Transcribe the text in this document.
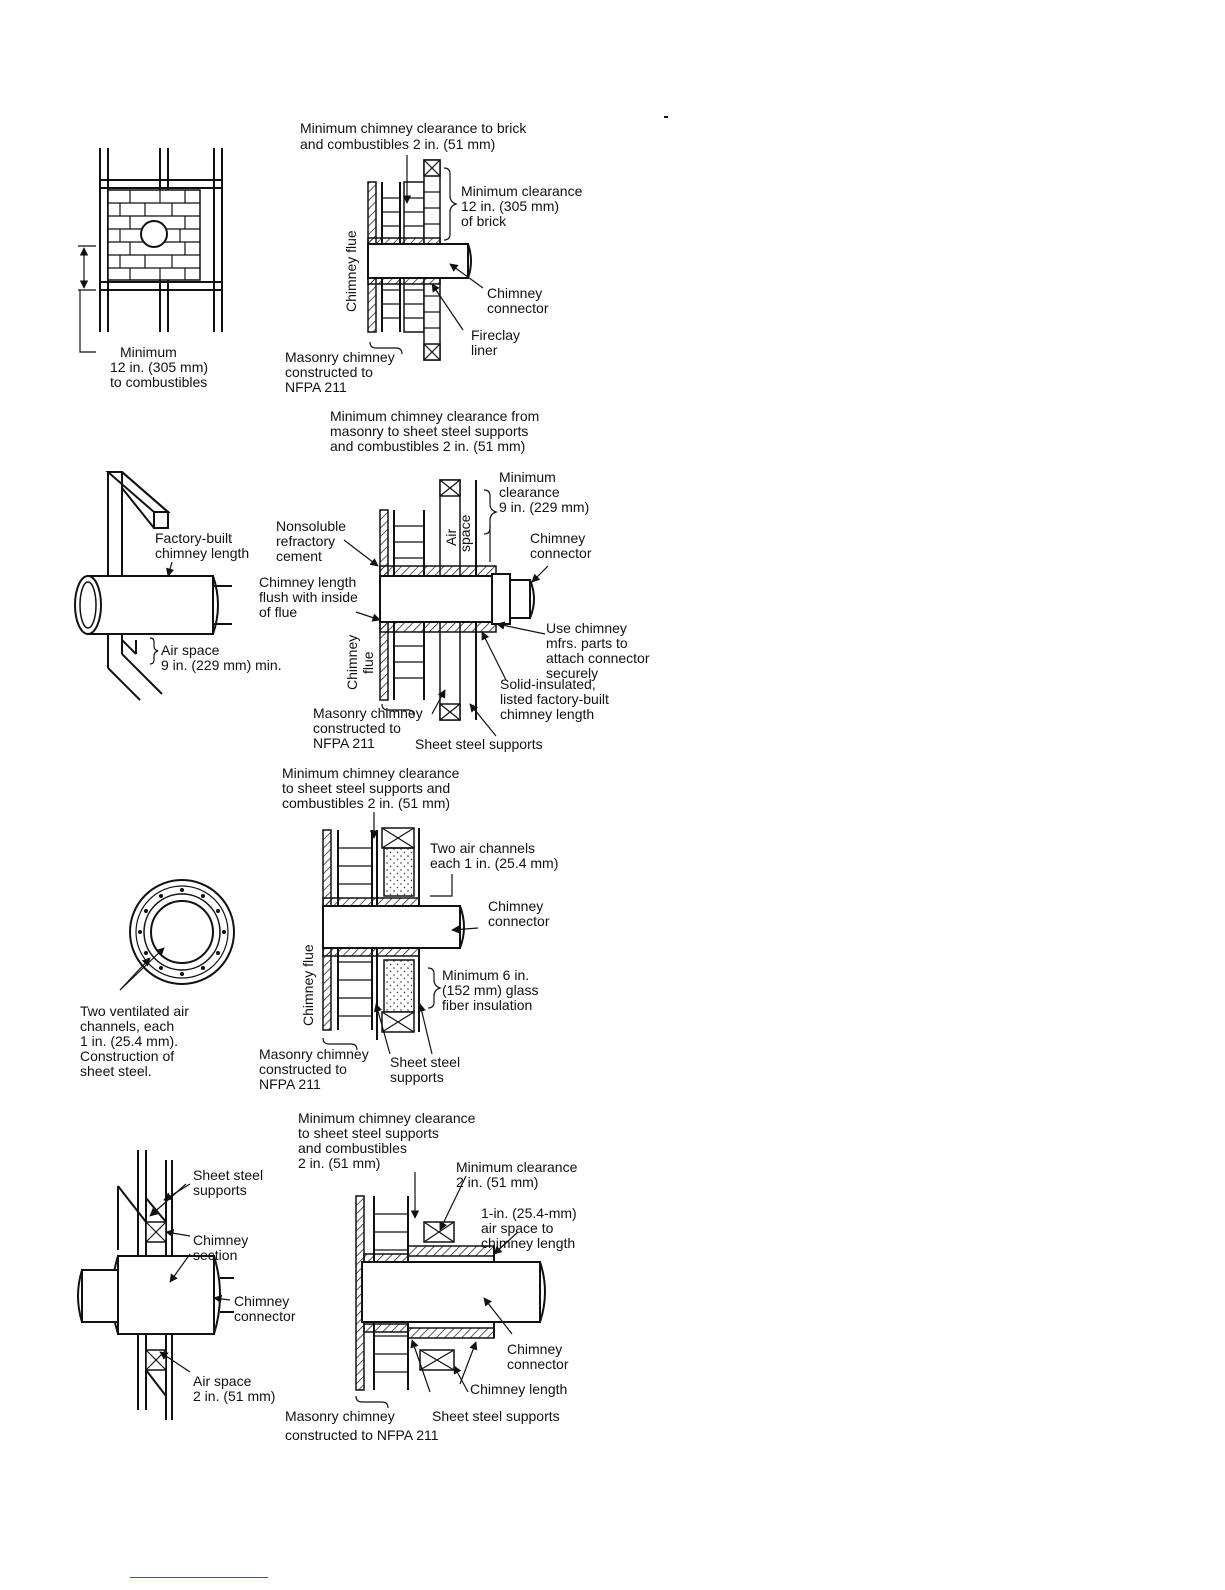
Minimum
12 in. (305 mm)
to combustibles
Minimum chimney clearance to brick
and combustibles 2 in. (51 mm)
Minimum clearance
12 in. (305 mm)
of brick
Chimney flue	Chimney
connector
Fireclay
liner
Masonry chimney
constructed to
NFPA 211
Minimum chimney clearance from
masonry to sheet steel supports
and combustibles 2 in. (51 mm)
Factory-built
chimney length
Air space
9 in. (229 mm) min.
Nonsoluble
refractory
cement
Chimney length
flush with inside
of flue
Chimney flue
Air
space
Minimum
clearance
9 in. (229 mm)
Chimney
connector
Use chimney
mfrs. parts to
attach connector
securely
Solid-insulated,
listed factory-built
chimney length
Masonry chimney
constructed to
NFPA 211	Sheet steel supports
Minimum chimney clearance
to sheet steel supports and
combustibles 2 in. (51 mm)
Two ventilated air
channels, each
1 in. (25.4 mm).
Construction of
sheet steel.
Two air channels
each 1 in. (25.4 mm)
Chimney
connector
Chimney flue	Minimum 6 in.
(152 mm) glass
fiber insulation
Masonry chimney
constructed to
NFPA 211
Sheet steel
supports
Minimum chimney clearance
to sheet steel supports
and combustibles
2 in. (51 mm)
Sheet steel
supports
Chimney
section
Chimney
connector
Air space
2 in. (51 mm)
Minimum clearance
2 in. (51 mm)
1-in. (25.4-mm)
air space to
chimney length
Chimney
connector
Chimney length
Sheet steel supports
Masonry chimney
constructed to NFPA 211
